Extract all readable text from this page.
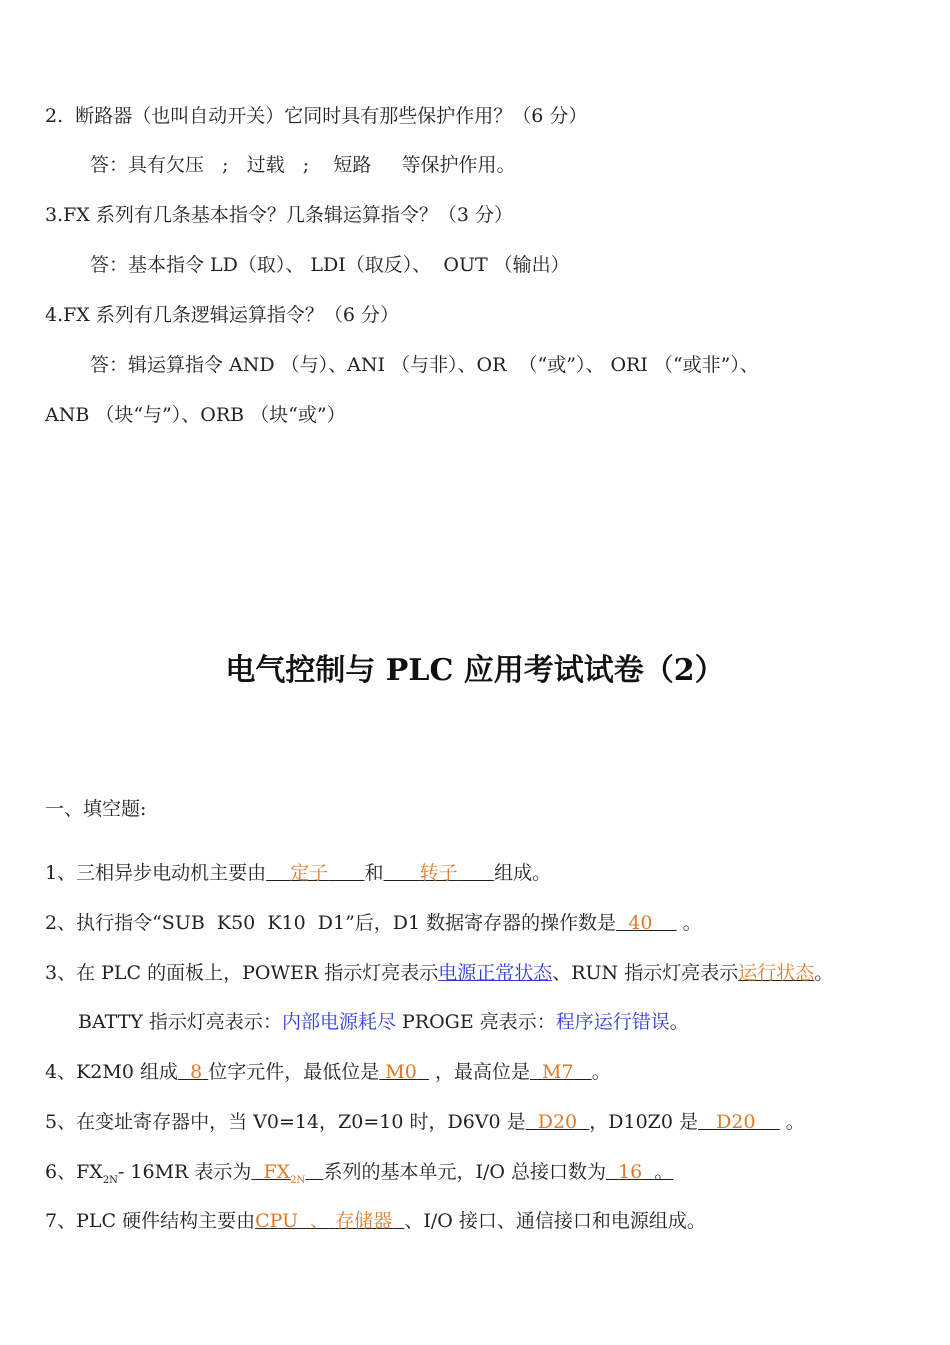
2.  断路器（也叫自动开关）它同时具有那些保护作用？（6 分）
答：具有欠压   ;   过载   ;    短路     等保护作用。
3.FX 系列有几条基本指令？几条辑运算指令？（3 分）
答：基本指令 LD（取）、 LDI（取反）、  OUT （输出）
4.FX 系列有几条逻辑运算指令？（6 分）
答：辑运算指令 AND （与）、ANI （与非）、OR  （“或”）、 ORI （“或非”）、
ANB （块“与”）、ORB （块“或”）
电气控制与 PLC 应用考试试卷（2）
一、填空题:

1、三相异步电动机主要由 定子 和 转子 组成。

2、执行指令“SUB  K50  K10  D1”后，D1 数据寄存器的操作数是 40     。

3、在 PLC 的面板上，POWER 指示灯亮表示电源正常状态、RUN 指示灯亮表示运行状态。

BATTY 指示灯亮表示：内部电源耗尽 PROGE 亮表示：程序运行错误。

4、K2M0 组成 8 位字元件，最低位是 M0   ，最高位是 M7 。

5、在变址寄存器中，当 V0=14，Z0=10 时，D6V0 是 D20 ，D10Z0 是 D20     。

6、$FX_{2N}-$ 16MR 表示为 $FX_{2N}$ 系列的基本单元，I/O 总接口数为 16 。

7、PLC 硬件结构主要由CPU 、 存储器 、I/O 接口、通信接口和电源组成。
